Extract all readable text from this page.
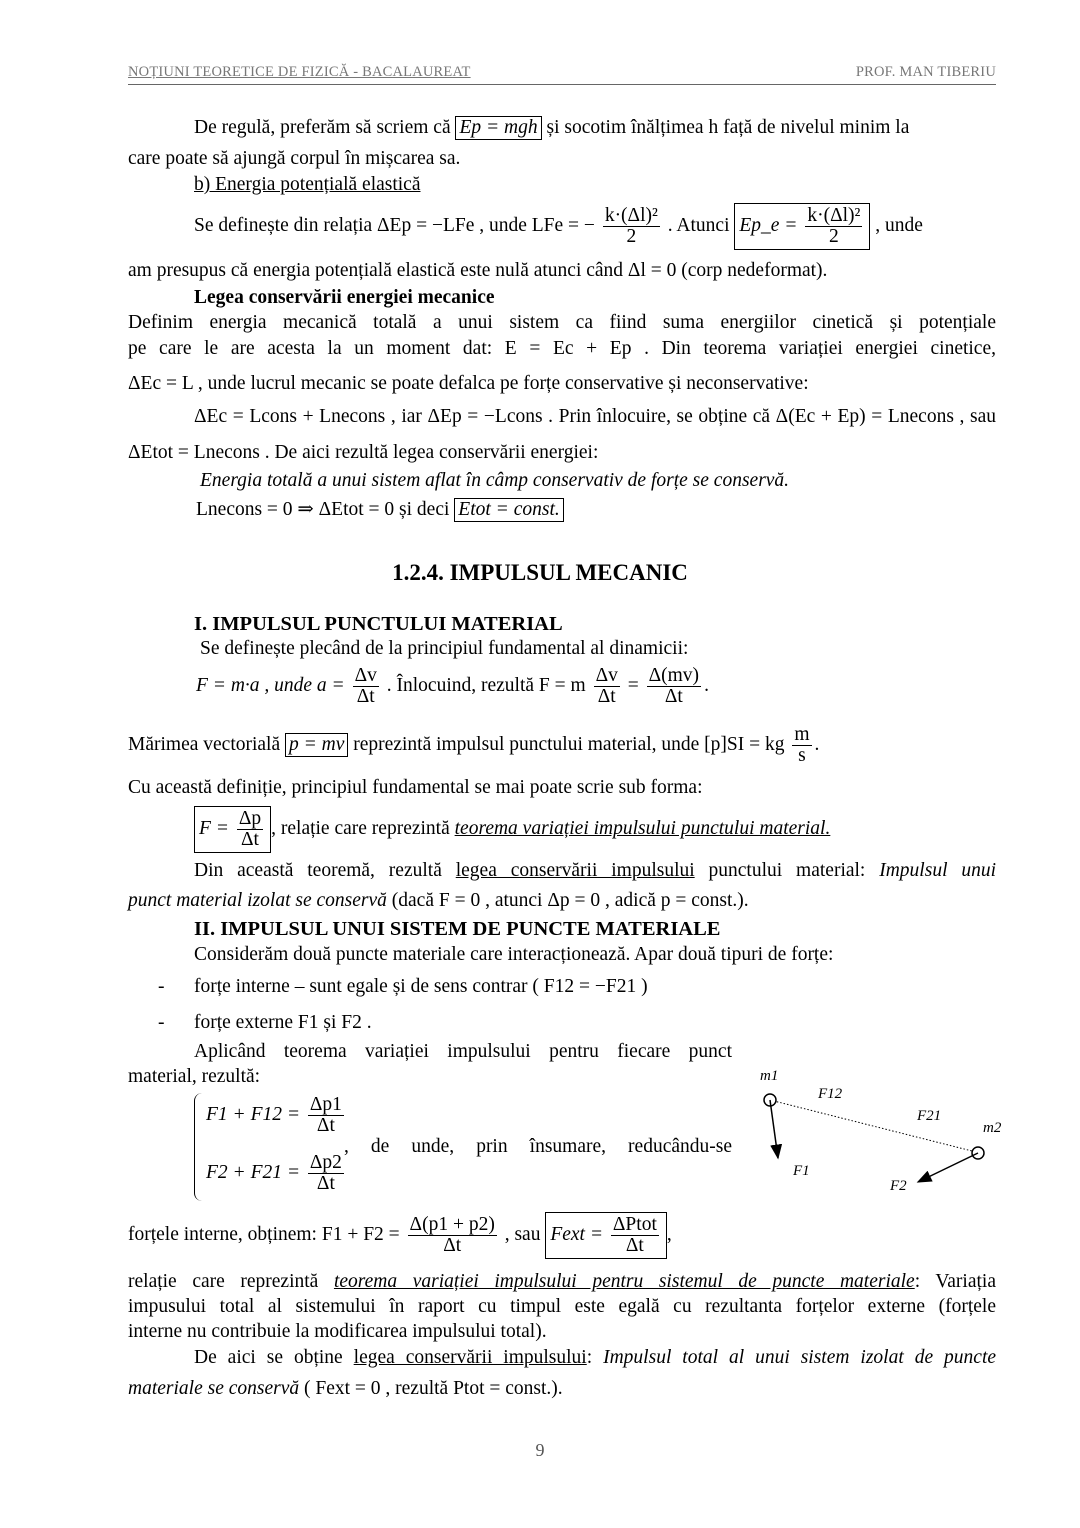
NOȚIUNI TEORETICE DE FIZICĂ - BACALAUREAT	PROF. MAN TIBERIU
De regulă, preferăm să scriem că Ep = mgh și socotim înălțimea h față de nivelul minim la
care poate să ajungă corpul în mișcarea sa.
b) Energia potențială elastică
Se definește din relația ΔEp = −LFe , unde LFe = − $\frac{\text{k·(Δl)²}}{2}$ . Atunci Ep_e = $\frac{\text{k·(Δl)²}}{2}$ , unde
am presupus că energia potențială elastică este nulă atunci când Δl = 0 (corp nedeformat).
Legea conservării energiei mecanice
Definim energia mecanică totală a unui sistem ca fiind suma energiilor cinetică și potențiale
pe care le are acesta la un moment dat: E = Ec + Ep . Din teorema variației energiei cinetice,
ΔEc = L , unde lucrul mecanic se poate defalca pe forțe conservative și neconservative:
ΔEc = Lcons + Lnecons , iar ΔEp = −Lcons . Prin înlocuire, se obține că Δ(Ec + Ep) = Lnecons , sau
ΔEtot = Lnecons . De aici rezultă legea conservării energiei:
Energia totală a unui sistem aflat în câmp conservativ de forțe se conservă.
Lnecons = 0 ⇒ ΔEtot = 0 și deci Etot = const.
1.2.4. IMPULSUL MECANIC
I. IMPULSUL PUNCTULUI MATERIAL
Se definește plecând de la principiul fundamental al dinamicii:
F = m·a , unde $a = \frac{\Delta v}{\Delta t}$ . Înlocuind, rezultă F = m $\frac{\Delta v}{\Delta t} = \frac{\Delta(mv)}{\Delta t}$ .
Mărimea vectorială p = mv reprezintă impulsul punctului material, unde [p]SI = kg $\frac{m}{s}$ .
Cu această definiție, principiul fundamental se mai poate scrie sub forma:
$F = \frac{\Delta p}{\Delta t}$ , relație care reprezintă teorema variației impulsului punctului material.
Din această teoremă, rezultă legea conservării impulsului punctului material: Impulsul unui
punct material izolat se conservă (dacă F = 0 , atunci Δp = 0 , adică p = const.).
II. IMPULSUL UNUI SISTEM DE PUNCTE MATERIALE
Considerăm două puncte materiale care interacționează. Apar două tipuri de forțe:
- forțe interne – sunt egale și de sens contrar ( F12 = −F21 )
- forțe externe F1 și F2 .
Aplicând teorema variației impulsului pentru fiecare punct
material, rezultă:
$F1 + F12 = \frac{\Delta p1}{\Delta t}$
$F2 + F21 = \frac{\Delta p2}{\Delta t}$
, de unde, prin însumare, reducându-se
forțele interne, obținem: $F1 + F2 = \frac{\Delta(p1 + p2)}{\Delta t}$ , sau Fext = $\frac{\text{ΔPtot}}{\Delta t}$ ,
relație care reprezintă teorema variației impulsului pentru sistemul de puncte materiale: Variația
impusului total al sistemului în raport cu timpul este egală cu rezultanta forțelor externe (forțele
interne nu contribuie la modificarea impulsului total).
De aici se obține legea conservării impulsului: Impulsul total al unui sistem izolat de puncte
materiale se conservă ( Fext = 0 , rezultă Ptot = const.).
m1
m2
F12
F21
F1
F2
9
